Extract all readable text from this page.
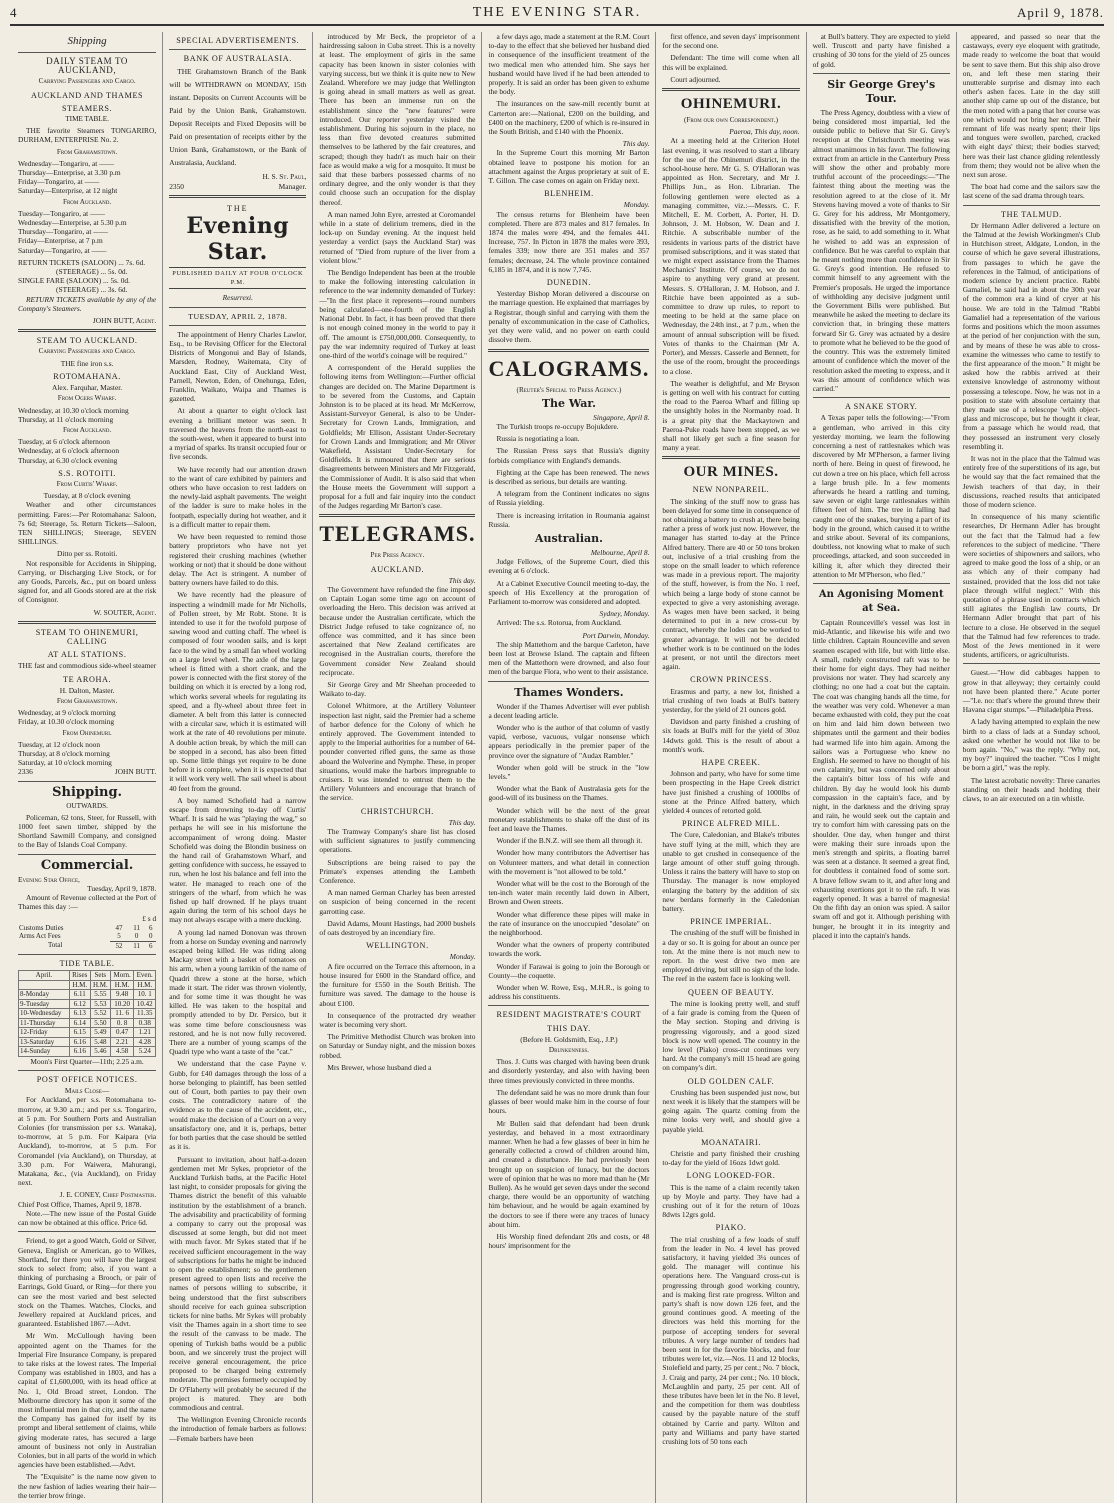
4	THE EVENING STAR.	April 9, 1878.
Shipping
DAILY STEAM TO AUCKLAND,
Carrying Passengers and Cargo.
AUCKLAND AND THAMES
STEAMERS.
TIME TABLE.

THE favorite Steamers TONGARIRO, DURHAM, ENTERPRISE No. 2.

From Grahamstown.
Wednesday—Tongariro, at ——
Thursday—Enterprise, at 3.30 p.m
Friday—Tongariro, at ——
Saturday—Enterprise, at 12 night
From Auckland.
Tuesday—Tongariro, at ——
Wednesday—Enterprise, at 5.30 p.m
Thursday—Tongariro, at ——
Friday—Enterprise, at 7 p.m
Saturday—Tongariro, at ——
RETURN TICKETS (SALOON) ... 7s. 6d.
(STEERAGE) ... 5s. 0d.
SINGLE FARE (SALOON) ... 5s. 0d.
(STEERAGE) ... 3s. 6d.

RETURN TICKETS available by any of the Company's Steamers.

JOHN BUTT, Agent.
STEAM TO AUCKLAND.
Carrying Passengers and Cargo.
THE fine iron s.s.
ROTOMAHANA.
Alex. Farquhar, Master.
From Ogers Wharf.
Wednesday, at 10.30 o'clock morning
Thursday, at 11 o'clock morning
From Auckland.
Tuesday, at 6 o'clock afternoon
Wednesday, at 6 o'clock afternoon
Thursday, at 6.30 o'clock evening
S.S. ROTOITI.
From Curtis' Wharf.
Tuesday, at 8 o'clock evening

Weather and other circumstances permitting. Fares:—Per Rotomahana: Saloon, 7s 6d; Steerage, 5s. Return Tickets—Saloon, TEN SHILLINGS; Steerage, SEVEN SHILLINGS.

Ditto per ss. Rotoiti.

Not responsible for Accidents in Shipping, Carrying, or Discharging Live Stock, or for any Goods, Parcels, &c., put on board unless signed for, and all Goods stored are at the risk of Consignor.

W. SOUTER, Agent.
STEAM TO OHINEMURI, CALLING
AT ALL STATIONS.
THE fast and commodious side-wheel steamer
TE AROHA.
H. Dalton, Master.
From Grahamstown.
Wednesday, at 9 o'clock morning
Friday, at 10.30 o'clock morning
From Ohinemuri.
Tuesday, at 12 o'clock noon
Thursday, at 8 o'clock morning
Saturday, at 10 o'clock morning
2336	JOHN BUTT.
Shipping.
OUTWARDS.

Policeman, 62 tons, Steer, for Russell, with 1000 feet sawn timber, shipped by the Shortland Sawmill Company, and consigned to the Bay of Islands Coal Company.

Commercial.
Evening Star Office,
Tuesday, April 9, 1878.

Amount of Revenue collected at the Port of Thames this day :—

£ s d
Customs Duties	47	11	6
Arms Act Fees	5	0	0
Total	52	11	6
TIDE TABLE.
April.	Rises	Sets	Morn.	Even.
	H.M.	H.M.	H.M.	H.M.
8-Monday	6.11	5.55	9.48	10. 1
9-Tuesday	6.12	5.53	10.20	10.42
10-Wednesday	6.13	5.52	11. 6	11.35
11-Thursday	6.14	5.50	0. 8	0.38
12-Friday	6.15	5.49	0.47	1.21
13-Saturday	6.16	5.48	2.21	4.28
14-Sunday	6.16	5.46	4.58	5.24
Moon's First Quarter—11th; 2.25 a.m.
POST OFFICE NOTICES.
Mails Close—

For Auckland, per s.s. Rotomahana to-morrow, at 9.30 a.m.; and per s.s. Tongariro, at 5 p.m. For Southern Ports and Australian Colonies (for transmission per s.s. Wanaka), to-morrow, at 5 p.m. For Kaipara (via Auckland), to-morrow, at 5 p.m. For Coromandel (via Auckland), on Thursday, at 3.30 p.m. For Waiwera, Mahurangi, Matakana, &c., (via Auckland), on Friday next.

J. E. CONEY, Chief Postmaster.
Chief Post Office, Thames, April 9, 1878.

Note.—The new issue of the Postal Guide can now be obtained at this office. Price 6d.

Friend, to get a good Watch, Gold or Silver, Geneva, English or American, go to Wilkes, Shortland, for there you will have the largest stock to select from; also, if you want a thinking of purchasing a Brooch, or pair of Earrings, Gold Guard, or Ring—for there you can see the most varied and best selected stock on the Thames. Watches, Clocks, and Jewellery repaired at Auckland prices, and guaranteed. Established 1867.—Advt.

Mr Wm. McCullough having been appointed agent on the Thames for the Imperial Fire Insurance Company, is prepared to take risks at the lowest rates. The Imperial Company was established in 1803, and has a capital of £1,600,000, with its head office at No. 1, Old Broad street, London. The Melbourne directory has upon it some of the most influential men in that city, and the name the Company has gained for itself by its prompt and liberal settlement of claims, while giving moderate rates, has secured a large amount of business not only in Australian Colonies, but in all parts of the world in which agencies have been established.—Advt.

The "Exquisite" is the name now given to the new fashion of ladies wearing their hair—the terrier brow fringe.

SPECIAL ADVERTISEMENTS.
BANK OF AUSTRALASIA.

THE Grahamstown Branch of the Bank will be WITHDRAWN on MONDAY, 15th instant. Deposits on Current Accounts will be Paid by the Union Bank, Grahamstown. Deposit Receipts and Fixed Deposits will be Paid on presentation of receipts either by the Union Bank, Grahamstown, or the Bank of Australasia, Auckland.

H. S. St. Paul,
2350	Manager.
THE
Evening Star.
PUBLISHED DAILY AT FOUR O'CLOCK P.M.
Resurrexi.
TUESDAY, APRIL 2, 1878.

The appointment of Henry Charles Lawlor, Esq., to be Revising Officer for the Electoral Districts of Mongonui and Bay of Islands, Marsden, Rodney, Waitemata, City of Auckland East, City of Auckland West, Parnell, Newton, Eden, of Onehunga, Eden, Franklin, Waikato, Waipa and Thames is gazetted.

At about a quarter to eight o'clock last evening a brilliant meteor was seen. It traversed the heavens from the north-east to the south-west, when it appeared to burst into a myriad of sparks. Its transit occupied four or five seconds.

We have recently had our attention drawn to the want of care exhibited by painters and others who have occasion to rest ladders on the newly-laid asphalt pavements. The weight of the ladder is sure to make holes in the footpath, especially during hot weather, and it is a difficult matter to repair them.

We have been requested to remind those battery proprietors who have not yet registered their crushing machines (whether working or not) that it should be done without delay. The Act is stringent. A number of battery owners have failed to do this.

We have recently had the pleasure of inspecting a windmill made for Mr Nicholls, of Pollen street, by Mr Robt. Stone. It is intended to use it for the twofold purpose of sawing wood and cutting chaff. The wheel is composed of four wooden sails, and is kept face to the wind by a small fan wheel working on a large level wheel. The axle of the large wheel is fitted with a short crank, and the power is connected with the first storey of the building on which it is erected by a long rod, which works several wheels for regulating its speed, and a fly-wheel about three feet in diameter. A belt from this latter is connected with a circular saw, which it is estimated will work at the rate of 40 revolutions per minute. A double action break, by which the mill can be stopped in a second, has also been fitted up. Some little things yet require to be done before it is complete, when it is expected that it will work very well. The sail wheel is about 40 feet from the ground.

A boy named Schofield had a narrow escape from drowning to-day off Curtis' Wharf. It is said he was "playing the wag," so perhaps he will see in his misfortune the accompaniment of wrong doing. Master Schofield was doing the Blondin business on the hand rail of Grahamstown Wharf, and getting confidence with success, he essayed to run, when he lost his balance and fell into the water. He managed to reach one of the stringers of the wharf, from which he was fished up half drowned. If he plays truant again during the term of his school days he may not always escape with a mere ducking.

A young lad named Donovan was thrown from a horse on Sunday evening and narrowly escaped being killed. He was riding along Mackay street with a basket of tomatoes on his arm, when a young larrikin of the name of Quadri threw a stone at the horse, which made it start. The rider was thrown violently, and for some time it was thought he was killed. He was taken to the hospital and promptly attended to by Dr. Persico, but it was some time before consciousness was restored, and he is not now fully recovered. There are a number of young scamps of the Quadri type who want a taste of the "cat."

We understand that the case Payne v. Gubb, for £40 damages through the loss of a horse belonging to plaintiff, has been settled out of Court, both parties to pay their own costs. The contradictory nature of the evidence as to the cause of the accident, etc., would make the decision of a Court on a very unsatisfactory one, and it is, perhaps, better for both parties that the case should be settled as it is.

Pursuant to invitation, about half-a-dozen gentlemen met Mr Sykes, proprietor of the Auckland Turkish baths, at the Pacific Hotel last night, to consider proposals for giving the Thames district the benefit of this valuable institution by the establishment of a branch. The advisability and practicability of forming a company to carry out the proposal was discussed at some length, but did not meet with much favor. Mr Sykes stated that if he received sufficient encouragement in the way of subscriptions for baths he might be induced to open the establishment; so the gentlemen present agreed to open lists and receive the names of persons willing to subscribe, it being understood that the first subscribers should receive for each guinea subscription tickets for nine baths. Mr Sykes will probably visit the Thames again in a short time to see the result of the canvass to be made. The opening of Turkish baths would be a public boon, and we sincerely trust the project will receive general encouragement, the price proposed to be charged being extremely moderate. The premises formerly occupied by Dr O'Flaherty will probably be secured if the project is matured. They are both commodious and central.

The Wellington Evening Chronicle records the introduction of female barbers as follows:—Female barbers have been

introduced by Mr Beck, the proprietor of a hairdressing saloon in Cuba street. This is a novelty at least. The employment of girls in the same capacity has been known in sister colonies with varying success, but we think it is quite new to New Zealand. Wherefore we may judge that Wellington is going ahead in small matters as well as great. There has been an immense run on the establishment since the "new features" were introduced. Our reporter yesterday visited the establishment. During his sojourn in the place, no less than five devoted creatures submitted themselves to be lathered by the fair creatures, and scraped; though they hadn't as much hair on their face as would make a wig for a mosquito. It must be said that these barbers possessed charms of no ordinary degree, and the only wonder is that they could choose such an occupation for the display thereof.

A man named John Eyre, arrested at Coromandel while in a state of delirium tremens, died in the lock-up on Sunday evening. At the inquest held yesterday a verdict (says the Auckland Star) was returned of "Died from rupture of the liver from a violent blow."

The Bendigo Independent has been at the trouble to make the following interesting calculation in reference to the war indemnity demanded of Turkey:—"In the first place it represents—round numbers being calculated—one-fourth of the English National Debt. In fact, it has been proved that there is not enough coined money in the world to pay it off. The amount is £750,000,000. Consequently, to pay the war indemnity required of Turkey at least one-third of the world's coinage will be required."

A correspondent of the Herald supplies the following items from Wellington:—Further official changes are decided on. The Marine Department is to be severed from the Customs, and Captain Johnston is to be placed at its head. Mr McKerrow, Assistant-Surveyor General, is also to be Under-Secretary for Crown Lands, Immigration, and Goldfields; Mr Ellison, Assistant Under-Secretary for Crown Lands and Immigration; and Mr Oliver Wakefield, Assistant Under-Secretary for Goldfields. It is rumoured that there are serious disagreements between Ministers and Mr Fitzgerald, the Commissioner of Audit. It is also said that when the House meets the Government will support a proposal for a full and fair inquiry into the conduct of the Judges regarding Mr Barton's case.

TELEGRAMS.
Per Press Agency.
AUCKLAND.
This day.

The Government have refunded the fine imposed on Captain Logan some time ago on account of overloading the Hero. This decision was arrived at because under the Australian certificate, which the District Judge refused to take cognizance of, no offence was committed, and it has since been ascertained that New Zealand certificates are recognised in the Australian courts, therefore the Government consider New Zealand should reciprocate.

Sir George Grey and Mr Sheehan proceeded to Waikato to-day.

Colonel Whitmore, at the Artillery Volunteer inspection last night, said the Premier had a scheme of harbor defence for the Colony of which he entirely approved. The Government intended to apply to the Imperial authorities for a number of 64-pounder converted rifled guns, the same as those aboard the Wolverine and Nymphe. These, in proper situations, would make the harbors impregnable to cruisers. It was intended to entrust them to the Artillery Volunteers and encourage that branch of the service.

CHRISTCHURCH.
This day.

The Tramway Company's share list has closed with sufficient signatures to justify commencing operations.

Subscriptions are being raised to pay the Primate's expenses attending the Lambeth Conference.

A man named German Charley has been arrested on suspicion of being concerned in the recent garrotting case.

David Adams, Mount Hastings, had 2000 bushels of oats destroyed by an incendiary fire.

WELLINGTON.
Monday.

A fire occurred on the Terrace this afternoon, in a house insured for £600 in the Standard office, and the furniture for £550 in the South British. The furniture was saved. The damage to the house is about £100.

In consequence of the protracted dry weather water is becoming very short.

The Primitive Methodist Church was broken into on Saturday or Sunday night, and the mission boxes robbed.

Mrs Brewer, whose husband died a

a few days ago, made a statement at the R.M. Court to-day to the effect that she believed her husband died in consequence of the insufficient treatment of the two medical men who attended him. She says her husband would have lived if he had been attended to properly. It is said an order has been given to exhume the body.

The insurances on the saw-mill recently burnt at Carterton are:—National, £200 on the building, and £400 on the machinery, £200 of which is re-insured in the South British, and £140 with the Phoenix.

This day.

In the Supreme Court this morning Mr Barton obtained leave to postpone his motion for an attachment against the Argus proprietary at suit of E. T. Gillon. The case comes on again on Friday next.

BLENHEIM.
Monday.

The census returns for Blenheim have been completed. There are 873 males and 817 females. In 1874 the males were 494, and the females 441. Increase, 757. In Picton in 1878 the males were 393, females 339; now there are 351 males and 357 females; decrease, 24. The whole province contained 6,185 in 1874, and it is now 7,745.

DUNEDIN.

Yesterday Bishop Moran delivered a discourse on the marriage question. He explained that marriages by a Registrar, though sinful and carrying with them the penalty of excommunication in the case of Catholics, yet they were valid, and no power on earth could dissolve them.

CALOGRAMS.
(Reuter's Special to Press Agency.)
The War.
Singapore, April 8.

The Turkish troops re-occupy Bojukdere.

Russia is negotiating a loan.

The Russian Press says that Russia's dignity forbids compliance with England's demands.

Fighting at the Cape has been renewed. The news is described as serious, but details are wanting.

A telegram from the Continent indicates no signs of Russia yielding.

There is increasing irritation in Roumania against Russia.

Australian.
Melbourne, April 8.

Judge Fellows, of the Supreme Court, died this evening at 6 o'clock.

At a Cabinet Executive Council meeting to-day, the speech of His Excellency at the prorogation of Parliament to-morrow was considered and adopted.

Sydney, Monday.

Arrived: The s.s. Rotorua, from Auckland.

Port Darwin, Monday.

The ship Mattethorn and the barque Carleton, have been lost at Browse Island. The captain and fifteen men of the Mattethorn were drowned, and also four men of the barque Flora, who went to their assistance.

Thames Wonders.

Wonder if the Thames Advertiser will ever publish a decent leading article.

Wonder who is the author of that column of vastly vapid, verbose, vacuous, vulgar nonsense which appears periodically in the premier paper of the province over the signature of "Audax Rambler."

Wonder when gold will be struck in the "low levels."

Wonder what the Bank of Australasia gets for the good-will of its business on the Thames.

Wonder which will be the next of the great monetary establishments to shake off the dust of its feet and leave the Thames.

Wonder if the B.N.Z. will see them all through it.

Wonder how many contributors the Advertiser has on Volunteer matters, and what detail in connection with the movement is "not allowed to be told."

Wonder what will be the cost to the Borough of the ten-inch water main recently laid down in Albert, Brown and Owen streets.

Wonder what difference these pipes will make in the rate of insurance on the unoccupied "desolate" on the neighborhood.

Wonder what the owners of property contributed towards the work.

Wonder if Farawai is going to join the Borough or County—the coquette.

Wonder when W. Rowe, Esq., M.H.R., is going to address his constituents.

RESIDENT MAGISTRATE'S COURT
THIS DAY.
(Before H. Goldsmith, Esq., J.P.)
Drunkenness.

Thos. J. Cutts was charged with having been drunk and disorderly yesterday, and also with having been three times previously convicted in three months.

The defendant said he was no more drunk than four glasses of beer would make him in the course of four hours.

Mr Bullen said that defendant had been drunk yesterday, and behaved in a most extraordinary manner. When he had a few glasses of beer in him he generally collected a crowd of children around him, and created a disturbance. He had previously been brought up on suspicion of lunacy, but the doctors were of opinion that he was no more mad than he (Mr Bullen). As he would get seven days under the second charge, there would be an opportunity of watching him behaviour, and he would be again examined by the doctors to see if there were any traces of lunacy about him.

His Worship fined defendant 20s and costs, or 48 hours' imprisonment for the

first offence, and seven days' imprisonment for the second one.

Defendant: The time will come when all this will be explained.

Court adjourned.

OHINEMURI.
(From our own Correspondent.)
Paeroa, This day, noon.

At a meeting held at the Criterion Hotel last evening, it was resolved to start a library for the use of the Ohinemuri district, in the school-house here. Mr G. S. O'Halloran was appointed as Hon. Secretary, and Mr J. Phillips Jun., as Hon. Librarian. The following gentlemen were elected as a managing committee, viz.:—Messrs. C. F. Mitchell, E. M. Corbett, A. Porter, H. D. Johnson, J. M. Hobson, W. Dean and J. Ritchie. A subscribable number of the residents in various parts of the district have promised subscriptions, and it was stated that we might expect assistance from the Thames Mechanics' Institute. Of course, we do not aspire to anything very grand at present. Messrs. S. O'Halloran, J. M. Hobson, and J. Ritchie have been appointed as a sub-committee to draw up rules, to report to meeting to be held at the same place on Wednesday, the 24th inst., at 7 p.m., when the amount of annual subscription will be fixed. Votes of thanks to the Chairman (Mr A. Porter), and Messrs. Casserle and Bennett, for the use of the room, brought the proceedings to a close.

The weather is delightful, and Mr Bryson is getting on well with his contract for cutting the road to the Paeroa Wharf and filling up the unsightly holes in the Normanby road. It is a great pity that the Mackaytown and Paeroa-Puke roads have been stopped, as we shall not likely get such a fine season for many a year.

OUR MINES.
NEW NONPAREIL.

The sinking of the stuff now to grass has been delayed for some time in consequence of not obtaining a battery to crush at, there being rather a press of work just now. However, the manager has started to-day at the Prince Alfred battery. There are 40 or 50 tons broken out, inclusive of a trial crushing from the stope on the small leader to which reference was made in a previous report. The majority of the stuff, however, is from the No. 1 reef, which being a large body of stone cannot be expected to give a very astonishing average. As wages men have been sacked, it being determined to put in a new cross-cut by contract, whereby the lodes can be worked to greater advantage. It will not be decided whether work is to be continued on the lodes at present, or not until the directors meet again.

CROWN PRINCESS.

Erasmus and party, a new lot, finished a trial crushing of two loads at Bull's battery yesterday, for the yield of 21 ounces gold.

Davidson and party finished a crushing of six loads at Bull's mill for the yield of 30oz 14dwts gold. This is the result of about a month's work.

HAPE CREEK.

Johnson and party, who have for some time been prospecting in the Hape Creek district have just finished a crushing of 1000lbs of stone at the Prince Alfred battery, which yielded 4 ounces of retorted gold.

PRINCE ALFRED MILL.

The Cure, Caledonian, and Blake's tributes have stuff lying at the mill, which they are unable to get crushed in consequence of the large amount of other stuff going through. Unless it rains the battery will have to stop on Thursday. The manager is now employed enlarging the battery by the addition of six new berdans formerly in the Caledonian battery.

PRINCE IMPERIAL.

The crushing of the stuff will be finished in a day or so. It is going for about an ounce per ton. At the mine there is not much new to report. In the west drive two men are employed driving, but still no sign of the lode. The reef in the eastern face is looking well.

QUEEN OF BEAUTY.

The mine is looking pretty well, and stuff of a fair grade is coming from the Queen of the May section. Stoping and driving is progressing vigorously, and a good sized block is now well opened. The country in the low level (Piako) cross-cut continues very hard. At the company's mill 15 head are going on company's dirt.

OLD GOLDEN CALF.

Crushing has been suspended just now, but next week it is likely that the stampers will be going again. The quartz coming from the mine looks very well, and should give a payable yield.

MOANATAIRI.

Christie and party finished their crushing to-day for the yield of 16ozs 1dwt gold.

LONG LOOKED-FOR.

This is the name of a claim recently taken up by Moyle and party. They have had a crushing out of it for the return of 10ozs 8dwts 12grs gold.

PIAKO.

The trial crushing of a few loads of stuff from the leader in No. 4 level has proved satisfactory, it having yielded 3¼ ounces of gold. The manager will continue his operations here. The Vanguard cross-cut is progressing through good working country, and is making first rate progress. Wilton and party's shaft is now down 126 feet, and the ground continues good. A meeting of the directors was held this morning for the purpose of accepting tenders for several tributes. A very large number of tenders had been sent in for the favorite blocks, and four tributes were let, viz.—Nos. 11 and 12 blocks, Stolefield and party, 25 per cent.; No. 7 block, J. Craig and party, 24 per cent.; No. 10 block, McLaughlin and party, 25 per cent. All of these tributes have been let in the No. 8 level, and the competition for them was doubtless caused by the payable nature of the stuff obtained by Carrie and party. Wilton and party and Williams and party have started crushing lots of 50 tons each

at Bull's battery. They are expected to yield well. Truscott and party have finished a crushing of 30 tons for the yield of 25 ounces of gold.

Sir George Grey's Tour.

The Press Agency, doubtless with a view of being considered most impartial, led the outside public to believe that Sir G. Grey's reception at the Christchurch meeting was almost unanimous in his favor. The following extract from an article in the Canterbury Press will show the other and probably more truthful account of the proceedings:—"The faintest thing about the meeting was the resolution agreed to at the close of it. Mr Stevens having moved a vote of thanks to Sir G. Grey for his address, Mr Montgomery, dissatisfied with the brevity of the motion, rose, as he said, to add something to it. What he wished to add was an expression of confidence. But he was careful to explain that he meant nothing more than confidence in Sir G. Grey's good intention. He refused to commit himself to any agreement with the Premier's proposals. He urged the importance of withholding any decisive judgment until the Government Bills were published. But meanwhile he asked the meeting to declare its conviction that, in bringing these matters forward Sir G. Grey was actuated by a desire to promote what he believed to be the good of the country. This was the extremely limited amount of confidence which the mover of the resolution asked the meeting to express, and it was this amount of confidence which was carried."

A SNAKE STORY.

A Texas paper tells the following:—"From a gentleman, who arrived in this city yesterday morning, we learn the following concerning a nest of rattlesnakes which was discovered by Mr M'Pherson, a farmer living north of here. Being in quest of firewood, he cut down a tree on his place, which fell across a large brush pile. In a few moments afterwards he heard a rattling and turning, saw seven or eight large rattlesnakes within fifteen feet of him. The tree in falling had caught one of the snakes, burying a part of its body in the ground, which caused it to writhe and strike about. Several of its companions, doubtless, not knowing what to make of such proceedings, attacked, and soon succeeded in killing it, after which they directed their attention to Mr M'Pherson, who fled."

An Agonising Moment at Sea.

Captain Rounceville's vessel was lost in mid-Atlantic, and likewise his wife and two little children. Captain Rounceville and seven seamen escaped with life, but with little else. A small, rudely constructed raft was to be their home for eight days. They had neither provisions nor water. They had scarcely any clothing; no one had a coat but the captain. The coat was changing hands all the time, for the weather was very cold. Whenever a man became exhausted with cold, they put the coat on him and laid him down between two shipmates until the garment and their bodies had warmed life into him again. Among the sailors was a Portuguese who knew no English. He seemed to have no thought of his own calamity, but was concerned only about the captain's bitter loss of his wife and children. By day he would look his dumb compassion in the captain's face, and by night, in the darkness and the driving spray and rain, he would seek out the captain and try to comfort him with caressing pats on the shoulder. One day, when hunger and thirst were making their sure inroads upon the men's strength and spirits, a floating barrel was seen at a distance. It seemed a great find, for doubtless it contained food of some sort. A brave fellow swam to it, and after long and exhausting exertions got it to the raft. It was eagerly opened. It was a barrel of magnesia! On the fifth day an onion was spied. A sailor swam off and got it. Although perishing with hunger, he brought it in its integrity and placed it into the captain's hands.

appeared, and passed so near that the castaways, every eye eloquent with gratitude, made ready to welcome the boat that would be sent to save them. But this ship also drove on, and left these men staring their unutterable surprise and dismay into each other's ashen faces. Late in the day still another ship came up out of the distance, but the men noted with a pang that her course was one which would not bring her nearer. Their remnant of life was nearly spent; their lips and tongues were swollen, parched, cracked with eight days' thirst; their bodies starved; here was their last chance gliding relentlessly from them; they would not be alive when the next sun arose.

The boat had come and the sailors saw the last scene of the sad drama through tears.

THE TALMUD.

Dr Hermann Adler delivered a lecture on the Talmud at the Jewish Workingmen's Club in Hutchison street, Aldgate, London, in the course of which he gave several illustrations, from passages to which he gave the references in the Talmud, of anticipations of modern science by ancient practice. Rabbi Gamaliel, he said had in about the 30th year of the common era a kind of cryer at his house. We are told in the Talmud "Rabbi Gamaliel had a representation of the various forms and positions which the moon assumes at the period of her conjunction with the sun, and by means of these he was able to cross-examine the witnesses who came to testify to the first appearance of the moon." It might be asked how the rabbis arrived at their extensive knowledge of astronomy without possessing a telescope. Now, he was not in a position to state with absolute certainty that they made use of a telescope 'with object-glass and microscope, but he thought it clear, from a passage which he would read, that they possessed an instrument very closely resembling it.

It was not in the place that the Talmud was entirely free of the superstitions of its age, but he would say that the fact remained that the Jewish teachers of that day, in their discussions, reached results that anticipated those of modern science.

In consequence of his many scientific researches, Dr Hermann Adler has brought out the fact that the Talmud had a few references to the subject of medicine. "There were societies of shipowners and sailors, who agreed to make good the loss of a ship, or an ass which any of their company had sustained, provided that the loss did not take place through wilful neglect." With this quotation of a phrase used in contracts which still agitates the English law courts, Dr Hermann Adler brought that part of his lecture to a close. He observed in the sequel that the Talmud had few references to trade. Most of the Jews mentioned in it were students, artificers, or agriculturists.

Guest.—"How did cabbages happen to grow in that alleyway; they certainly could not have been planted there." Acute porter—"I.e. no: that's where the ground threw their Havana cigar stumps."—Philadelphia Press.

A lady having attempted to explain the new birth to a class of lads at a Sunday school, asked one whether he would not like to be born again. "No," was the reply. "Why not, my boy?" inquired the teacher. "'Cos I might be born a girl," was the reply.

The latest acrobatic novelty: Three canaries standing on their heads and holding their claws, to an air executed on a tin whistle.
